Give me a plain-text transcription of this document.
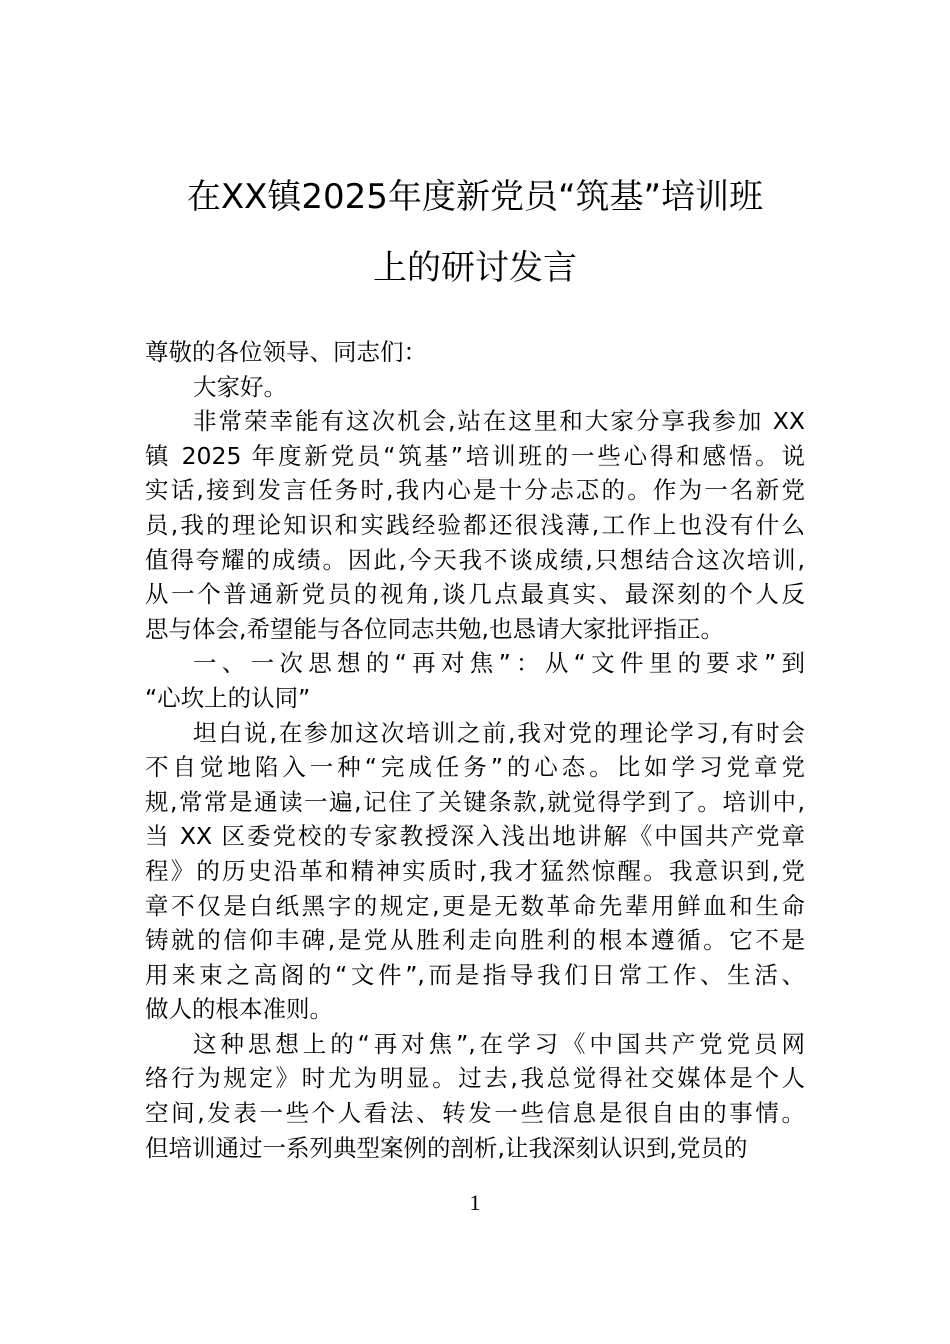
在XX镇2025年度新党员“筑基”培训班
上的研讨发言
尊敬的各位领导、同志们：
大家好。
非常荣幸能有这次机会,站在这里和大家分享我参加 XX
镇 2025 年度新党员“筑基”培训班的一些心得和感悟。说
实话,接到发言任务时,我内心是十分忐忑的。作为一名新党
员,我的理论知识和实践经验都还很浅薄,工作上也没有什么
值得夸耀的成绩。因此,今天我不谈成绩,只想结合这次培训,
从一个普通新党员的视角,谈几点最真实、最深刻的个人反
思与体会,希望能与各位同志共勉,也恳请大家批评指正。
一、一次思想的“再对焦”：从“文件里的要求”到
“心坎上的认同”
坦白说,在参加这次培训之前,我对党的理论学习,有时会
不自觉地陷入一种“完成任务”的心态。比如学习党章党
规,常常是通读一遍,记住了关键条款,就觉得学到了。培训中,
当 XX 区委党校的专家教授深入浅出地讲解《中国共产党章
程》的历史沿革和精神实质时,我才猛然惊醒。我意识到,党
章不仅是白纸黑字的规定,更是无数革命先辈用鲜血和生命
铸就的信仰丰碑,是党从胜利走向胜利的根本遵循。它不是
用来束之高阁的“文件”,而是指导我们日常工作、生活、
做人的根本准则。
这种思想上的“再对焦”,在学习《中国共产党党员网
络行为规定》时尤为明显。过去,我总觉得社交媒体是个人
空间,发表一些个人看法、转发一些信息是很自由的事情。
但培训通过一系列典型案例的剖析,让我深刻认识到,党员的
1
